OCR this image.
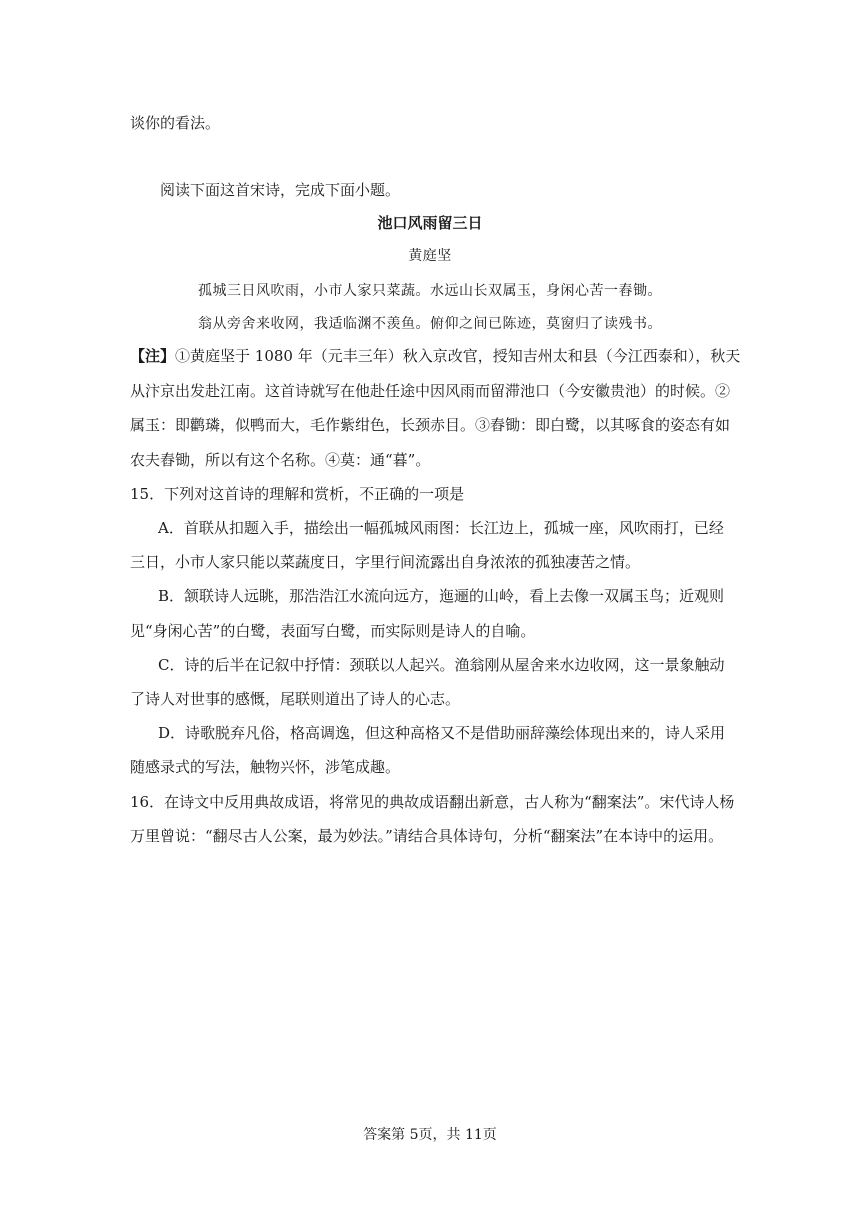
谈你的看法。
阅读下面这首宋诗，完成下面小题。
池口风雨留三日
黄庭坚
孤城三日风吹雨，小市人家只菜蔬。水远山长双属玉，身闲心苦一舂锄。
翁从旁舍来收网，我适临渊不羡鱼。俯仰之间已陈迹，莫窗归了读残书。
【注】①黄庭坚于 1080 年（元丰三年）秋入京改官，授知吉州太和县（今江西泰和），秋天
从汴京出发赴江南。这首诗就写在他赴任途中因风雨而留滞池口（今安徽贵池）的时候。②
属玉：即鹳璘，似鸭而大，毛作紫绀色，长颈赤目。③舂锄：即白鹭，以其啄食的姿态有如
农夫舂锄，所以有这个名称。④莫：通“暮”。
15．下列对这首诗的理解和赏析，不正确的一项是
A．首联从扣题入手，描绘出一幅孤城风雨图：长江边上，孤城一座，风吹雨打，已经
三日，小市人家只能以菜蔬度日，字里行间流露出自身浓浓的孤独凄苦之情。
B．颔联诗人远眺，那浩浩江水流向远方，迤逦的山岭，看上去像一双属玉鸟；近观则
见“身闲心苦”的白鹭，表面写白鹭，而实际则是诗人的自喻。
C．诗的后半在记叙中抒情：颈联以人起兴。渔翁刚从屋舍来水边收网，这一景象触动
了诗人对世事的感慨，尾联则道出了诗人的心志。
D．诗歌脱弃凡俗，格高调逸，但这种高格又不是借助丽辞藻绘体现出来的，诗人采用
随感录式的写法，触物兴怀，涉笔成趣。
16．在诗文中反用典故成语，将常见的典故成语翻出新意，古人称为“翻案法”。宋代诗人杨
万里曾说：“翻尽古人公案，最为妙法。”请结合具体诗句，分析“翻案法”在本诗中的运用。
答案第 5页，共 11页
